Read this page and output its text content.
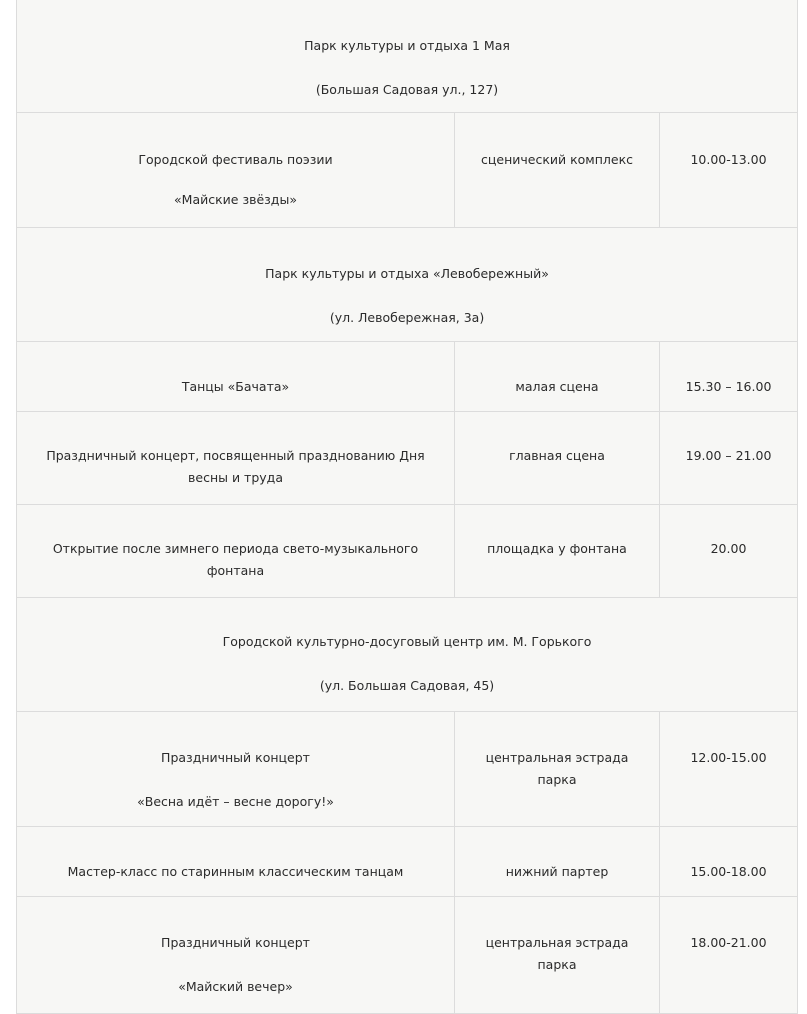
Парк культуры и отдыха 1 Мая
(Большая Садовая ул., 127)		

Городской фестиваль поэзии
«Майские звёзды»	сценический комплекс	10.00-13.00

Парк культуры и отдыха «Левобережный»
(ул. Левобережная, 3а)		

Танцы «Бачата»	малая сцена	15.30 – 16.00

Праздничный концерт, посвященный празднованию Дня
весны и труда	главная сцена	19.00 – 21.00

Открытие после зимнего периода свето-музыкального
фонтана	площадка у фонтана	20.00

Городской культурно-досуговый центр им. М. Горького
(ул. Большая Садовая, 45)		

Праздничный концерт
«Весна идёт – весне дорогу!»	центральная эстрада
парка	12.00-15.00

Мастер-класс по старинным классическим танцам	нижний партер	15.00-18.00

Праздничный концерт
«Майский вечер»	центральная эстрада
парка	18.00-21.00
